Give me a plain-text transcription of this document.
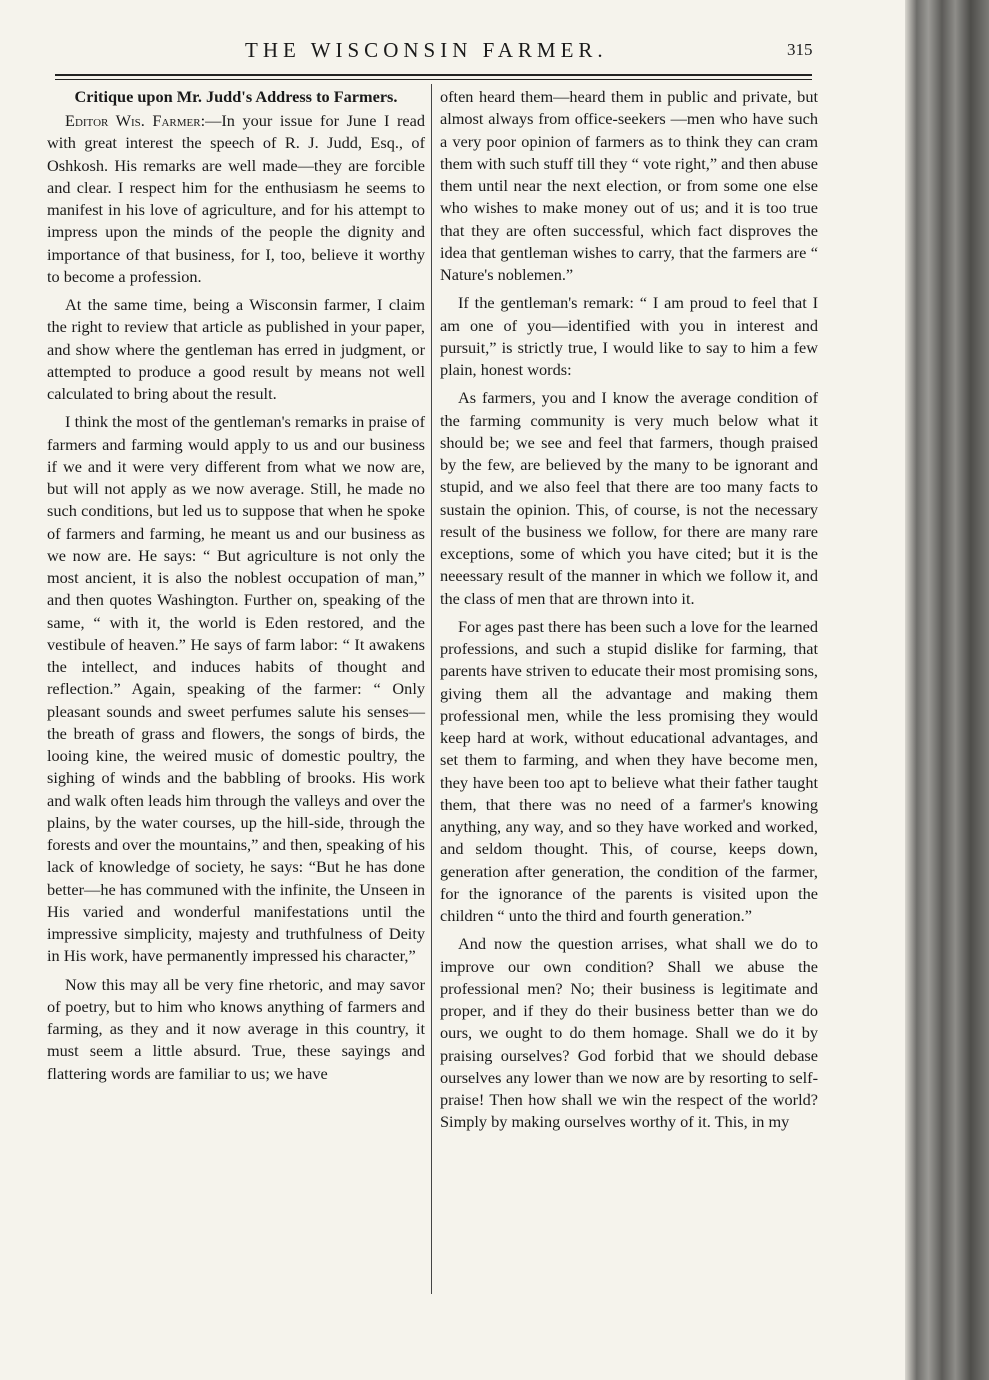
THE WISCONSIN FARMER.	315
Critique upon Mr. Judd's Address to Farmers.

Editor Wis. Farmer:—In your issue for June I read with great interest the speech of R. J. Judd, Esq., of Oshkosh. His remarks are well made—they are forcible and clear. I respect him for the enthusiasm he seems to manifest in his love of agriculture, and for his attempt to impress upon the minds of the people the dignity and importance of that business, for I, too, believe it worthy to become a profession.

At the same time, being a Wisconsin farmer, I claim the right to review that article as published in your paper, and show where the gentleman has erred in judgment, or attempted to produce a good result by means not well calculated to bring about the result.

I think the most of the gentleman's remarks in praise of farmers and farming would apply to us and our business if we and it were very different from what we now are, but will not apply as we now average. Still, he made no such conditions, but led us to suppose that when he spoke of farmers and farming, he meant us and our business as we now are. He says: “ But agriculture is not only the most ancient, it is also the noblest occupation of man,” and then quotes Washington. Further on, speaking of the same, “ with it, the world is Eden restored, and the vestibule of heaven.” He says of farm labor: “ It awakens the intellect, and induces habits of thought and reflection.” Again, speaking of the farmer: “ Only pleasant sounds and sweet perfumes salute his senses—the breath of grass and flowers, the songs of birds, the looing kine, the weired music of domestic poultry, the sighing of winds and the babbling of brooks. His work and walk often leads him through the valleys and over the plains, by the water courses, up the hill-side, through the forests and over the mountains,” and then, speaking of his lack of knowledge of society, he says: “But he has done better—he has communed with the infinite, the Unseen in His varied and wonderful manifestations until the impressive simplicity, majesty and truthfulness of Deity in His work, have permanently impressed his character,”

Now this may all be very fine rhetoric, and may savor of poetry, but to him who knows anything of farmers and farming, as they and it now average in this country, it must seem a little absurd. True, these sayings and flattering words are familiar to us; we have

often heard them—heard them in public and private, but almost always from office-seekers —men who have such a very poor opinion of farmers as to think they can cram them with such stuff till they “ vote right,” and then abuse them until near the next election, or from some one else who wishes to make money out of us; and it is too true that they are often successful, which fact disproves the idea that gentleman wishes to carry, that the farmers are “ Nature's noblemen.”

If the gentleman's remark: “ I am proud to feel that I am one of you—identified with you in interest and pursuit,” is strictly true, I would like to say to him a few plain, honest words:

As farmers, you and I know the average condition of the farming community is very much below what it should be; we see and feel that farmers, though praised by the few, are believed by the many to be ignorant and stupid, and we also feel that there are too many facts to sustain the opinion. This, of course, is not the necessary result of the business we follow, for there are many rare exceptions, some of which you have cited; but it is the neeessary result of the manner in which we follow it, and the class of men that are thrown into it.

For ages past there has been such a love for the learned professions, and such a stupid dislike for farming, that parents have striven to educate their most promising sons, giving them all the advantage and making them professional men, while the less promising they would keep hard at work, without educational advantages, and set them to farming, and when they have become men, they have been too apt to believe what their father taught them, that there was no need of a farmer's knowing anything, any way, and so they have worked and worked, and seldom thought. This, of course, keeps down, generation after generation, the condition of the farmer, for the ignorance of the parents is visited upon the children “ unto the third and fourth generation.”

And now the question arrises, what shall we do to improve our own condition? Shall we abuse the professional men? No; their business is legitimate and proper, and if they do their business better than we do ours, we ought to do them homage. Shall we do it by praising ourselves? God forbid that we should debase ourselves any lower than we now are by resorting to self-praise! Then how shall we win the respect of the world? Simply by making ourselves worthy of it. This, in my
